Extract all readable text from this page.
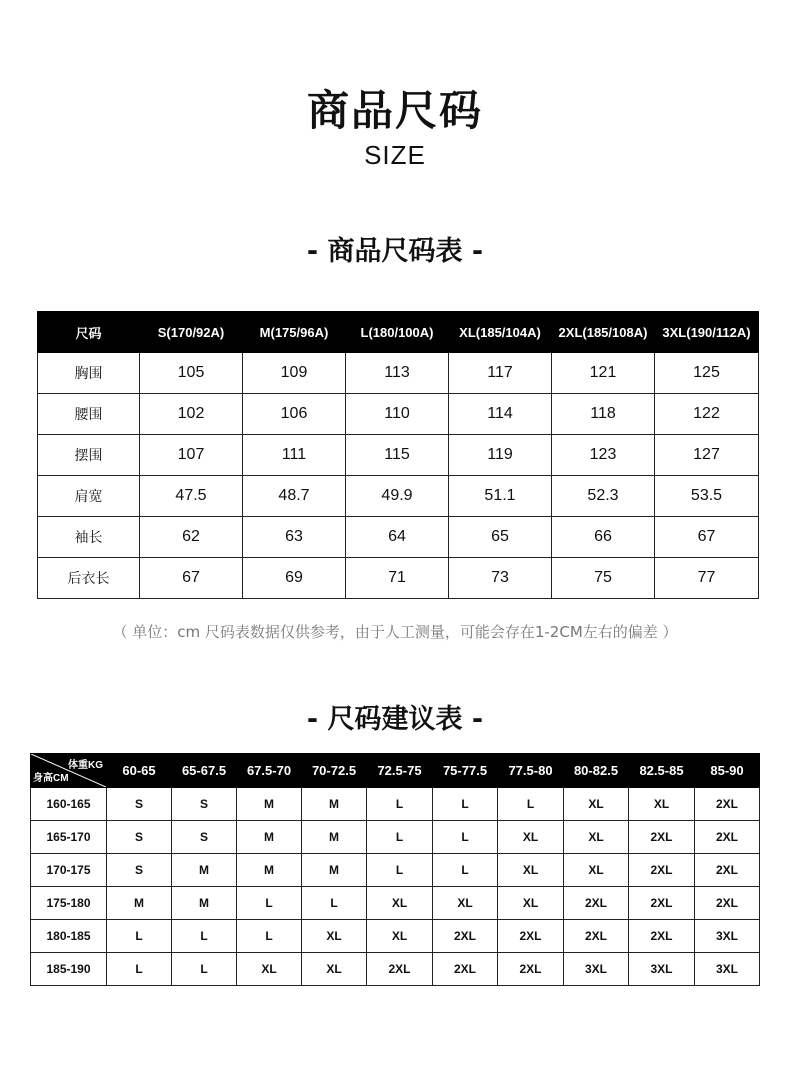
商品尺码
SIZE
- 商品尺码表 -
尺码	S(170/92A)	M(175/96A)	L(180/100A)	XL(185/104A)	2XL(185/108A)	3XL(190/112A)
胸围	105	109	113	117	121	125
腰围	102	106	110	114	118	122
摆围	107	111	115	119	123	127
肩宽	47.5	48.7	49.9	51.1	52.3	53.5
袖长	62	63	64	65	66	67
后衣长	67	69	71	73	75	77
（ 单位：cm 尺码表数据仅供参考，由于人工测量，可能会存在1-2CM左右的偏差 ）
- 尺码建议表 -
体重KG
身高CM	60-65	65-67.5	67.5-70	70-72.5	72.5-75	75-77.5	77.5-80	80-82.5	82.5-85	85-90
160-165	S	S	M	M	L	L	L	XL	XL	2XL
165-170	S	S	M	M	L	L	XL	XL	2XL	2XL
170-175	S	M	M	M	L	L	XL	XL	2XL	2XL
175-180	M	M	L	L	XL	XL	XL	2XL	2XL	2XL
180-185	L	L	L	XL	XL	2XL	2XL	2XL	2XL	3XL
185-190	L	L	XL	XL	2XL	2XL	2XL	3XL	3XL	3XL
